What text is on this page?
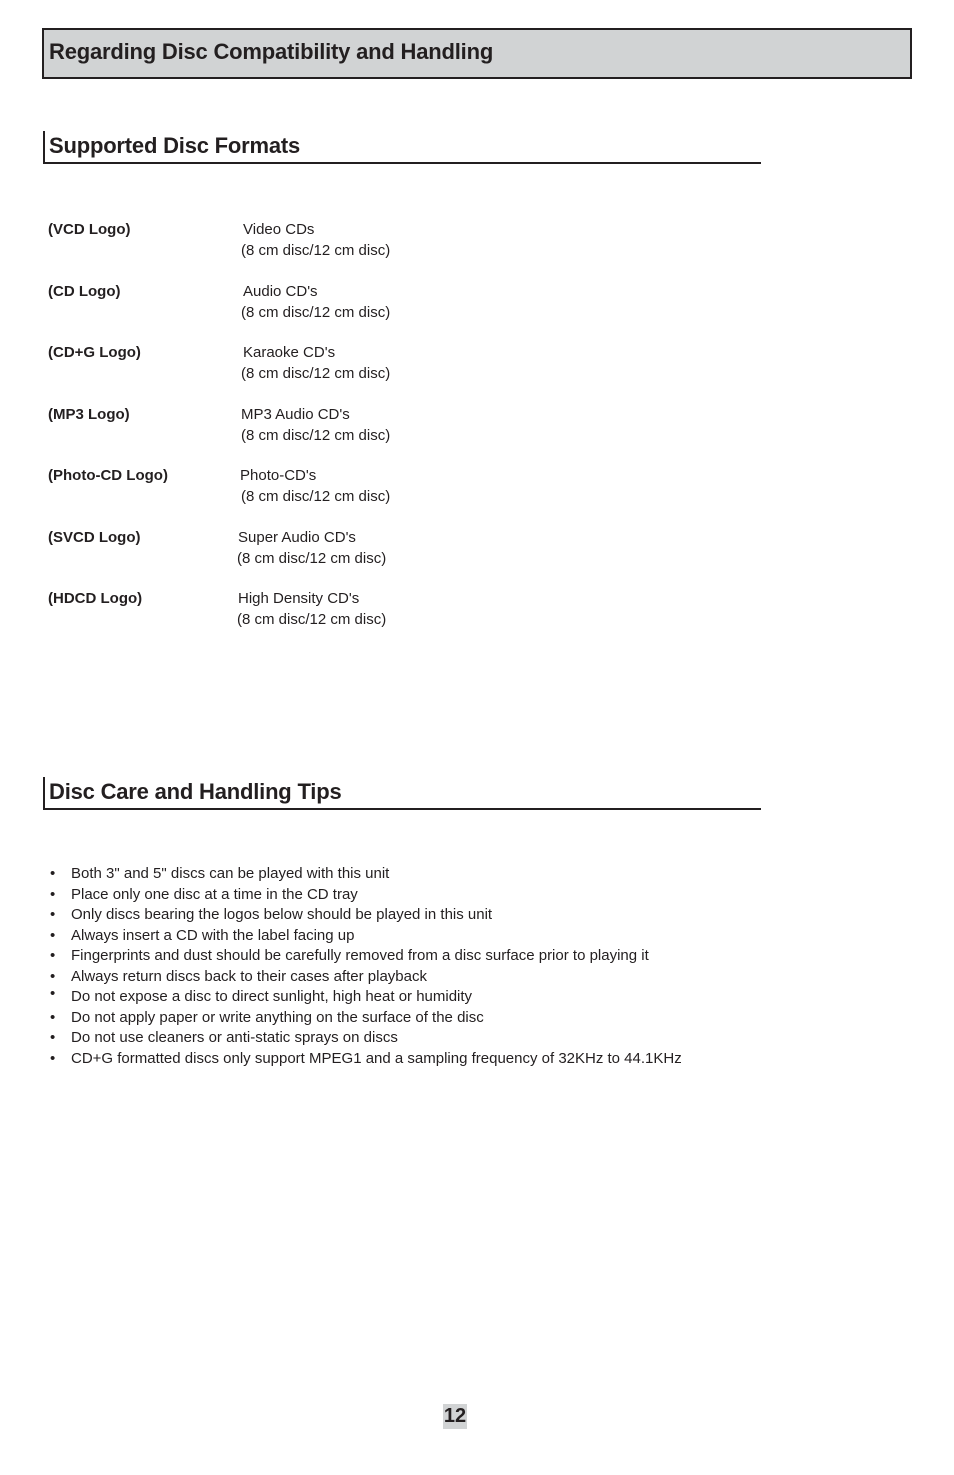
Regarding Disc Compatibility and Handling
Supported Disc Formats
(VCD Logo)	Video CDs
(8 cm disc/12 cm disc)
(CD Logo)	Audio CD's
(8 cm disc/12 cm disc)
(CD+G Logo)	Karaoke CD's
(8 cm disc/12 cm disc)
(MP3 Logo)	MP3 Audio CD's
(8 cm disc/12 cm disc)
(Photo-CD Logo)	Photo-CD's
(8 cm disc/12 cm disc)
(SVCD Logo)	Super Audio CD's
(8 cm disc/12 cm disc)
(HDCD Logo)	High Density CD's
(8 cm disc/12 cm disc)
Disc Care and Handling Tips
• Both 3" and 5" discs can be played with this unit
• Place only one disc at a time in the CD tray
• Only discs bearing the logos below should be played in this unit
• Always insert a CD with the label facing up
• Fingerprints and dust should be carefully removed from a disc surface prior to playing it
• Always return discs back to their cases after playback
• Do not expose a disc to direct sunlight, high heat or humidity
• Do not apply paper or write anything on the surface of the disc
• Do not use cleaners or anti-static sprays on discs
• CD+G formatted discs only support MPEG1 and a sampling frequency of 32KHz to 44.1KHz
12
